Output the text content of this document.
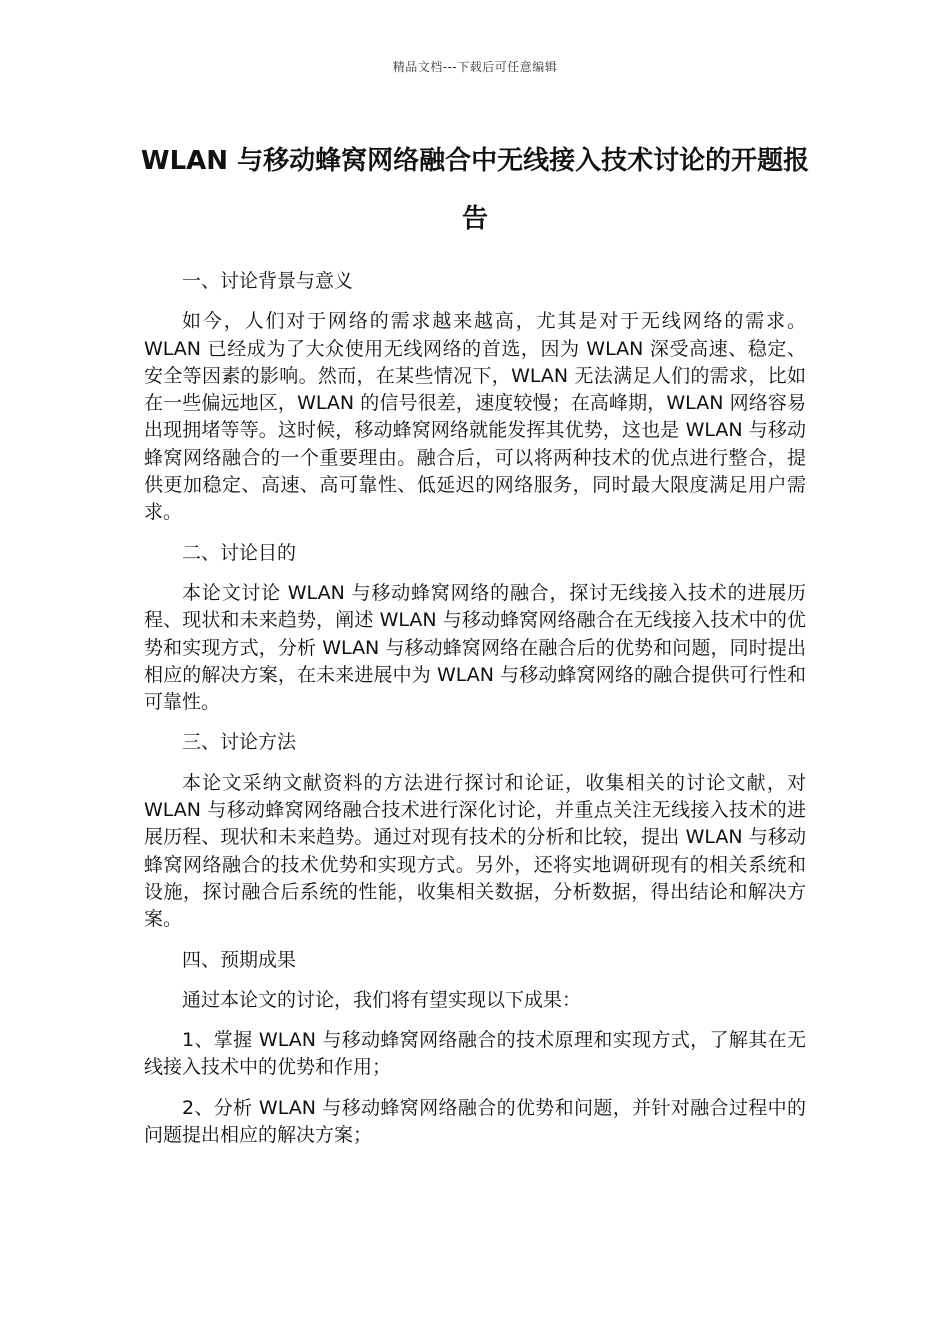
精品文档---下载后可任意编辑
WLAN 与移动蜂窝网络融合中无线接入技术讨论的开题报告

一、讨论背景与意义

如今，人们对于网络的需求越来越高，尤其是对于无线网络的需求。WLAN 已经成为了大众使用无线网络的首选，因为 WLAN 深受高速、稳定、安全等因素的影响。然而，在某些情况下，WLAN 无法满足人们的需求，比如在一些偏远地区，WLAN 的信号很差，速度较慢；在高峰期，WLAN 网络容易出现拥堵等等。这时候，移动蜂窝网络就能发挥其优势，这也是 WLAN 与移动蜂窝网络融合的一个重要理由。融合后，可以将两种技术的优点进行整合，提供更加稳定、高速、高可靠性、低延迟的网络服务，同时最大限度满足用户需求。

二、讨论目的

本论文讨论 WLAN 与移动蜂窝网络的融合，探讨无线接入技术的进展历程、现状和未来趋势，阐述 WLAN 与移动蜂窝网络融合在无线接入技术中的优势和实现方式，分析 WLAN 与移动蜂窝网络在融合后的优势和问题，同时提出相应的解决方案，在未来进展中为 WLAN 与移动蜂窝网络的融合提供可行性和可靠性。

三、讨论方法

本论文采纳文献资料的方法进行探讨和论证，收集相关的讨论文献，对 WLAN 与移动蜂窝网络融合技术进行深化讨论，并重点关注无线接入技术的进展历程、现状和未来趋势。通过对现有技术的分析和比较，提出 WLAN 与移动蜂窝网络融合的技术优势和实现方式。另外，还将实地调研现有的相关系统和设施，探讨融合后系统的性能，收集相关数据，分析数据，得出结论和解决方案。

四、预期成果

通过本论文的讨论，我们将有望实现以下成果：

1、掌握 WLAN 与移动蜂窝网络融合的技术原理和实现方式，了解其在无线接入技术中的优势和作用；

2、分析 WLAN 与移动蜂窝网络融合的优势和问题，并针对融合过程中的问题提出相应的解决方案；
